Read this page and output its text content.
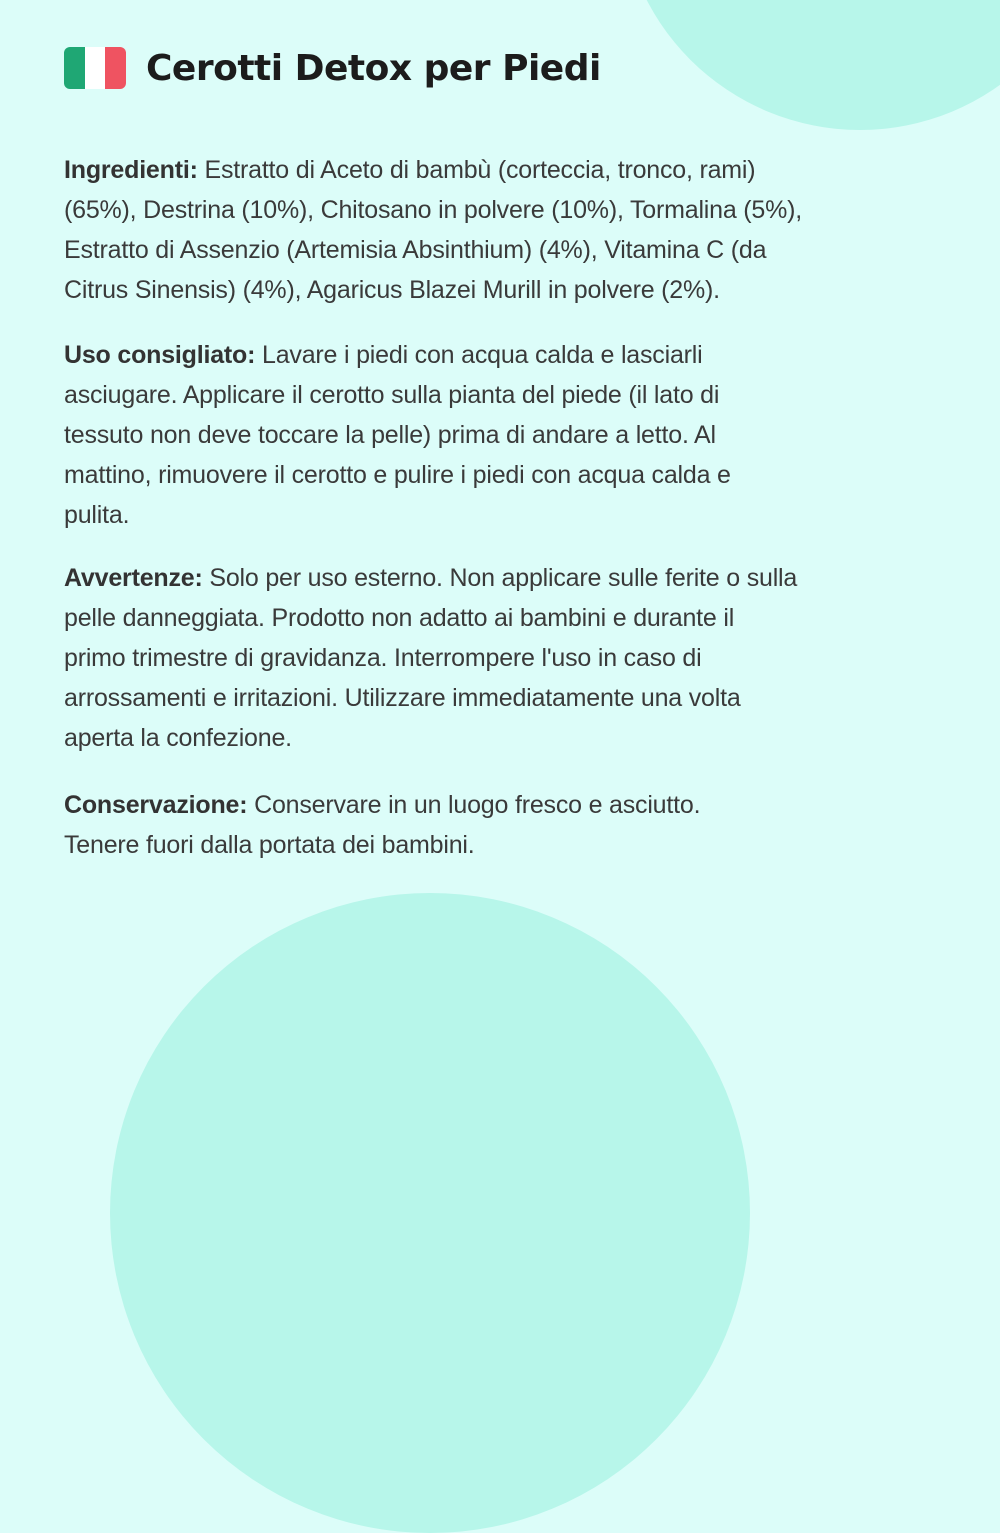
Cerotti Detox per Piedi
Ingredienti: Estratto di Aceto di bambù (corteccia, tronco, rami)
(65%), Destrina (10%), Chitosano in polvere (10%), Tormalina (5%),
Estratto di Assenzio (Artemisia Absinthium) (4%), Vitamina C (da
Citrus Sinensis) (4%), Agaricus Blazei Murill in polvere (2%).
Uso consigliato: Lavare i piedi con acqua calda e lasciarli
asciugare. Applicare il cerotto sulla pianta del piede (il lato di
tessuto non deve toccare la pelle) prima di andare a letto. Al
mattino, rimuovere il cerotto e pulire i piedi con acqua calda e
pulita.
Avvertenze: Solo per uso esterno. Non applicare sulle ferite o sulla
pelle danneggiata. Prodotto non adatto ai bambini e durante il
primo trimestre di gravidanza. Interrompere l'uso in caso di
arrossamenti e irritazioni. Utilizzare immediatamente una volta
aperta la confezione.
Conservazione: Conservare in un luogo fresco e asciutto.
Tenere fuori dalla portata dei bambini.
